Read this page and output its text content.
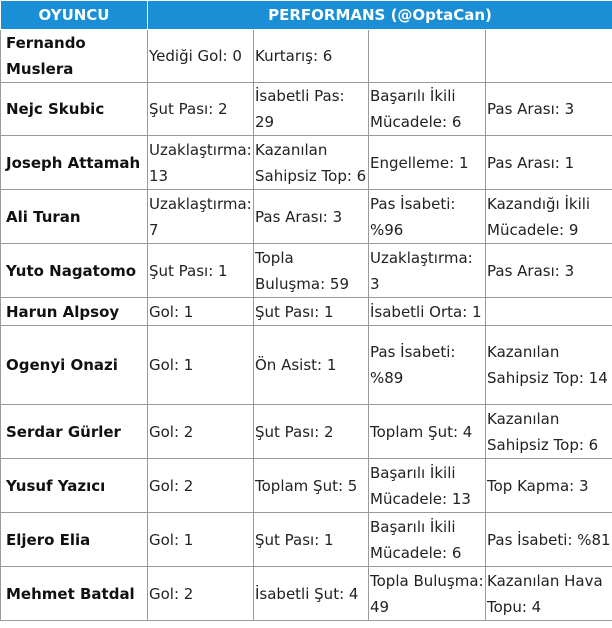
OYUNCU	PERFORMANS (@OptaCan)			
Fernando Muslera	Yediği Gol: 0	Kurtarış: 6		
Nejc Skubic	Şut Pası: 2	İsabetli Pas: 29	Başarılı İkili Mücadele: 6	Pas Arası: 3
Joseph Attamah	Uzaklaştırma: 13	Kazanılan Sahipsiz Top: 6	Engelleme: 1	Pas Arası: 1
Ali Turan	Uzaklaştırma: 7	Pas Arası: 3	Pas İsabeti: %96	Kazandığı İkili Mücadele: 9
Yuto Nagatomo	Şut Pası: 1	Topla Buluşma: 59	Uzaklaştırma: 3	Pas Arası: 3
Harun Alpsoy	Gol: 1	Şut Pası: 1	İsabetli Orta: 1	
Ogenyi Onazi	Gol: 1	Ön Asist: 1	Pas İsabeti: %89	Kazanılan Sahipsiz Top: 14
Serdar Gürler	Gol: 2	Şut Pası: 2	Toplam Şut: 4	Kazanılan Sahipsiz Top: 6
Yusuf Yazıcı	Gol: 2	Toplam Şut: 5	Başarılı İkili Mücadele: 13	Top Kapma: 3
Eljero Elia	Gol: 1	Şut Pası: 1	Başarılı İkili Mücadele: 6	Pas İsabeti: %81
Mehmet Batdal	Gol: 2	İsabetli Şut: 4	Topla Buluşma: 49	Kazanılan Hava Topu: 4
